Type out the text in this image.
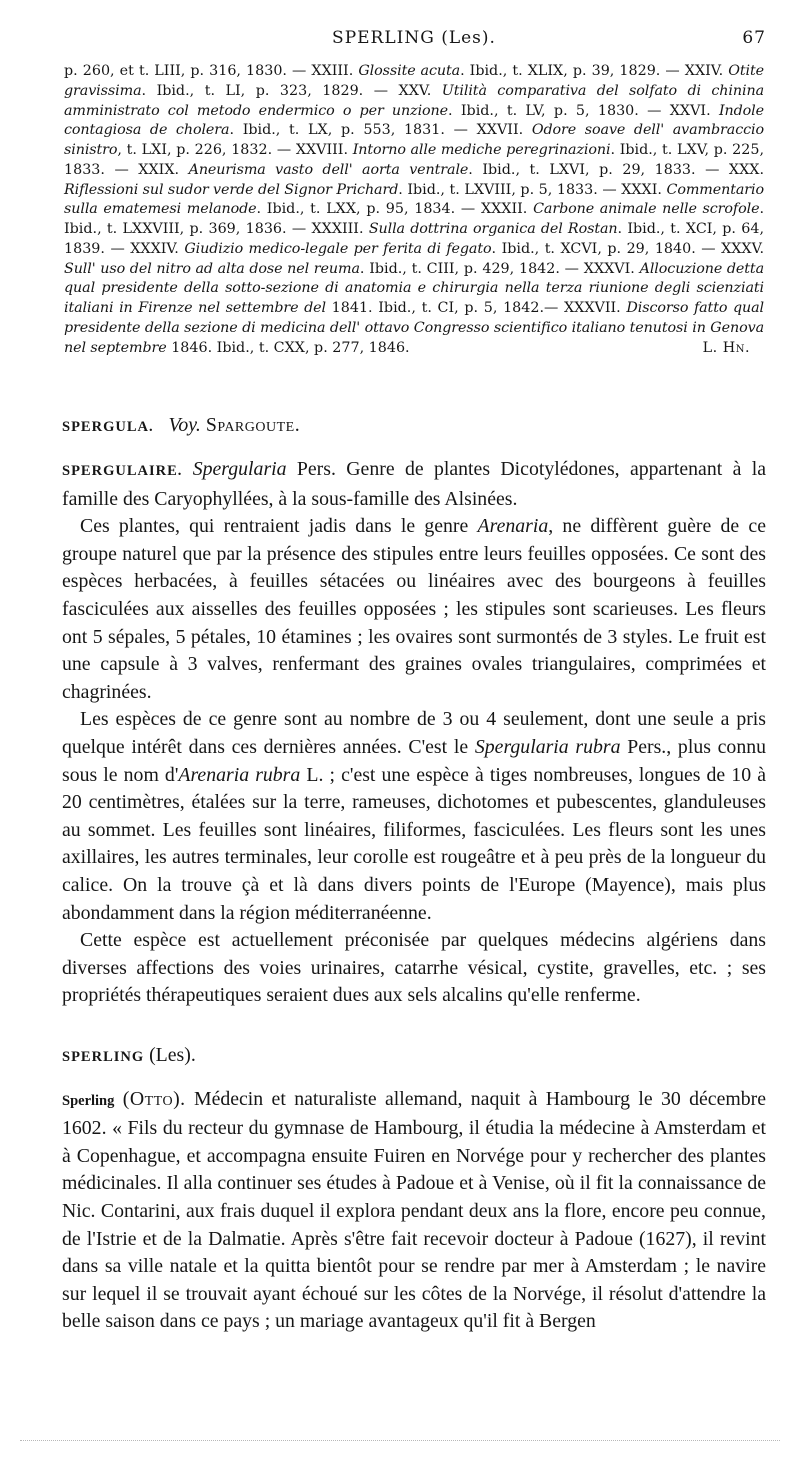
SPERLING (Les).	67
p. 260, et t. LIII, p. 316, 1830. — XXIII. Glossite acuta. Ibid., t. XLIX, p. 39, 1829. — XXIV. Otite gravissima. Ibid., t. LI, p. 323, 1829. — XXV. Utilità comparativa del solfato di chinina amministrato col metodo endermico o per unzione. Ibid., t. LV, p. 5, 1830. — XXVI. Indole contagiosa de cholera. Ibid., t. LX, p. 553, 1831. — XXVII. Odore soave dell' avambraccio sinistro, t. LXI, p. 226, 1832. — XXVIII. Intorno alle mediche peregrinazioni. Ibid., t. LXV, p. 225, 1833. — XXIX. Aneurisma vasto dell' aorta ventrale. Ibid., t. LXVI, p. 29, 1833. — XXX. Riflessioni sul sudor verde del Signor Prichard. Ibid., t. LXVIII, p. 5, 1833. — XXXI. Commentario sulla ematemesi melanode. Ibid., t. LXX, p. 95, 1834. — XXXII. Carbone animale nelle scrofole. Ibid., t. LXXVIII, p. 369, 1836. — XXXIII. Sulla dottrina organica del Rostan. Ibid., t. XCI, p. 64, 1839. — XXXIV. Giudizio medico-legale per ferita di fegato. Ibid., t. XCVI, p. 29, 1840. — XXXV. Sull' uso del nitro ad alta dose nel reuma. Ibid., t. CIII, p. 429, 1842. — XXXVI. Allocuzione detta qual presidente della sotto-sezione di anatomia e chirurgia nella terza riunione degli scienziati italiani in Firenze nel settembre del 1841. Ibid., t. CI, p. 5, 1842.— XXXVII. Discorso fatto qual presidente della sezione di medicina dell' ottavo Congresso scientifico italiano tenutosi in Genova nel septembre 1846. Ibid., t. CXX, p. 277, 1846.	L. Hn.
SPERGULA. Voy. Spargoute.
SPERGULAIRE. Spergularia Pers. Genre de plantes Dicotylédones, appartenant à la famille des Caryophyllées, à la sous-famille des Alsinées.
Ces plantes, qui rentraient jadis dans le genre Arenaria, ne diffèrent guère de ce groupe naturel que par la présence des stipules entre leurs feuilles opposées. Ce sont des espèces herbacées, à feuilles sétacées ou linéaires avec des bourgeons à feuilles fasciculées aux aisselles des feuilles opposées ; les stipules sont scarieuses. Les fleurs ont 5 sépales, 5 pétales, 10 étamines ; les ovaires sont surmontés de 3 styles. Le fruit est une capsule à 3 valves, renfermant des graines ovales triangulaires, comprimées et chagrinées.
Les espèces de ce genre sont au nombre de 3 ou 4 seulement, dont une seule a pris quelque intérêt dans ces dernières années. C'est le Spergularia rubra Pers., plus connu sous le nom d'Arenaria rubra L. ; c'est une espèce à tiges nombreuses, longues de 10 à 20 centimètres, étalées sur la terre, rameuses, dichotomes et pubescentes, glanduleuses au sommet. Les feuilles sont linéaires, filiformes, fasciculées. Les fleurs sont les unes axillaires, les autres terminales, leur corolle est rougeâtre et à peu près de la longueur du calice. On la trouve çà et là dans divers points de l'Europe (Mayence), mais plus abondamment dans la région méditerranéenne.
Cette espèce est actuellement préconisée par quelques médecins algériens dans diverses affections des voies urinaires, catarrhe vésical, cystite, gravelles, etc. ; ses propriétés thérapeutiques seraient dues aux sels alcalins qu'elle renferme.
SPERLING (Les).
Sperling (Otto). Médecin et naturaliste allemand, naquit à Hambourg le 30 décembre 1602. « Fils du recteur du gymnase de Hambourg, il étudia la médecine à Amsterdam et à Copenhague, et accompagna ensuite Fuiren en Norvége pour y rechercher des plantes médicinales. Il alla continuer ses études à Padoue et à Venise, où il fit la connaissance de Nic. Contarini, aux frais duquel il explora pendant deux ans la flore, encore peu connue, de l'Istrie et de la Dalmatie. Après s'être fait recevoir docteur à Padoue (1627), il revint dans sa ville natale et la quitta bientôt pour se rendre par mer à Amsterdam ; le navire sur lequel il se trouvait ayant échoué sur les côtes de la Norvége, il résolut d'attendre la belle saison dans ce pays ; un mariage avantageux qu'il fit à Bergen
